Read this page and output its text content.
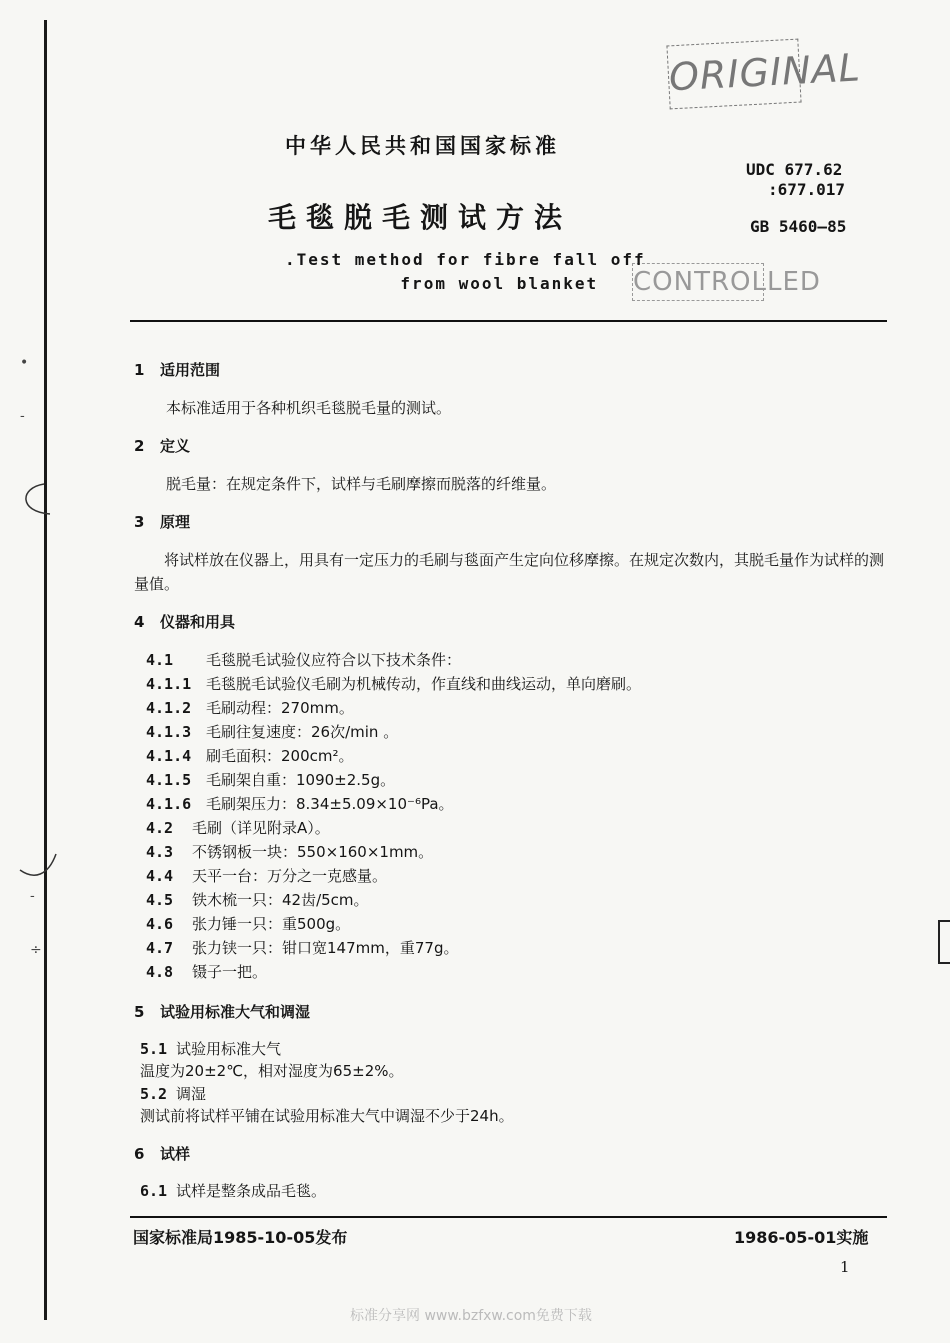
•
-
-
÷
ORIGINAL
CONTROLLED
中华人民共和国国家标准
毛毯脱毛测试方法
.Test method for fibre fall off
from wool blanket
UDC 677.62
:677.017
GB 5460—85
1 适用范围
本标准适用于各种机织毛毯脱毛量的测试。
2 定义
脱毛量：在规定条件下，试样与毛刷摩擦而脱落的纤维量。
3 原理
将试样放在仪器上，用具有一定压力的毛刷与毯面产生定向位移摩擦。在规定次数内，其脱毛量作为试样的测量值。
4 仪器和用具
4.1 毛毯脱毛试验仪应符合以下技术条件：
4.1.1 毛毯脱毛试验仪毛刷为机械传动，作直线和曲线运动，单向磨刷。
4.1.2 毛刷动程：270mm。
4.1.3 毛刷往复速度：26次/min 。
4.1.4 刷毛面积：200cm²。
4.1.5 毛刷架自重：1090±2.5g。
4.1.6 毛刷架压力：8.34±5.09×10⁻⁶Pa。
4.2 毛刷（详见附录A）。
4.3 不锈钢板一块：550×160×1mm。
4.4 天平一台：万分之一克感量。
4.5 铁木梳一只：42齿/5cm。
4.6 张力锤一只：重500g。
4.7 张力铗一只：钳口宽147mm，重77g。
4.8 镊子一把。
5 试验用标准大气和调湿
5.1 试验用标准大气
温度为20±2℃，相对湿度为65±2%。
5.2 调湿
测试前将试样平铺在试验用标准大气中调湿不少于24h。
6 试样
6.1 试样是整条成品毛毯。
国家标准局1985-10-05发布	1986-05-01实施
1
标准分享网 www.bzfxw.com免费下载
